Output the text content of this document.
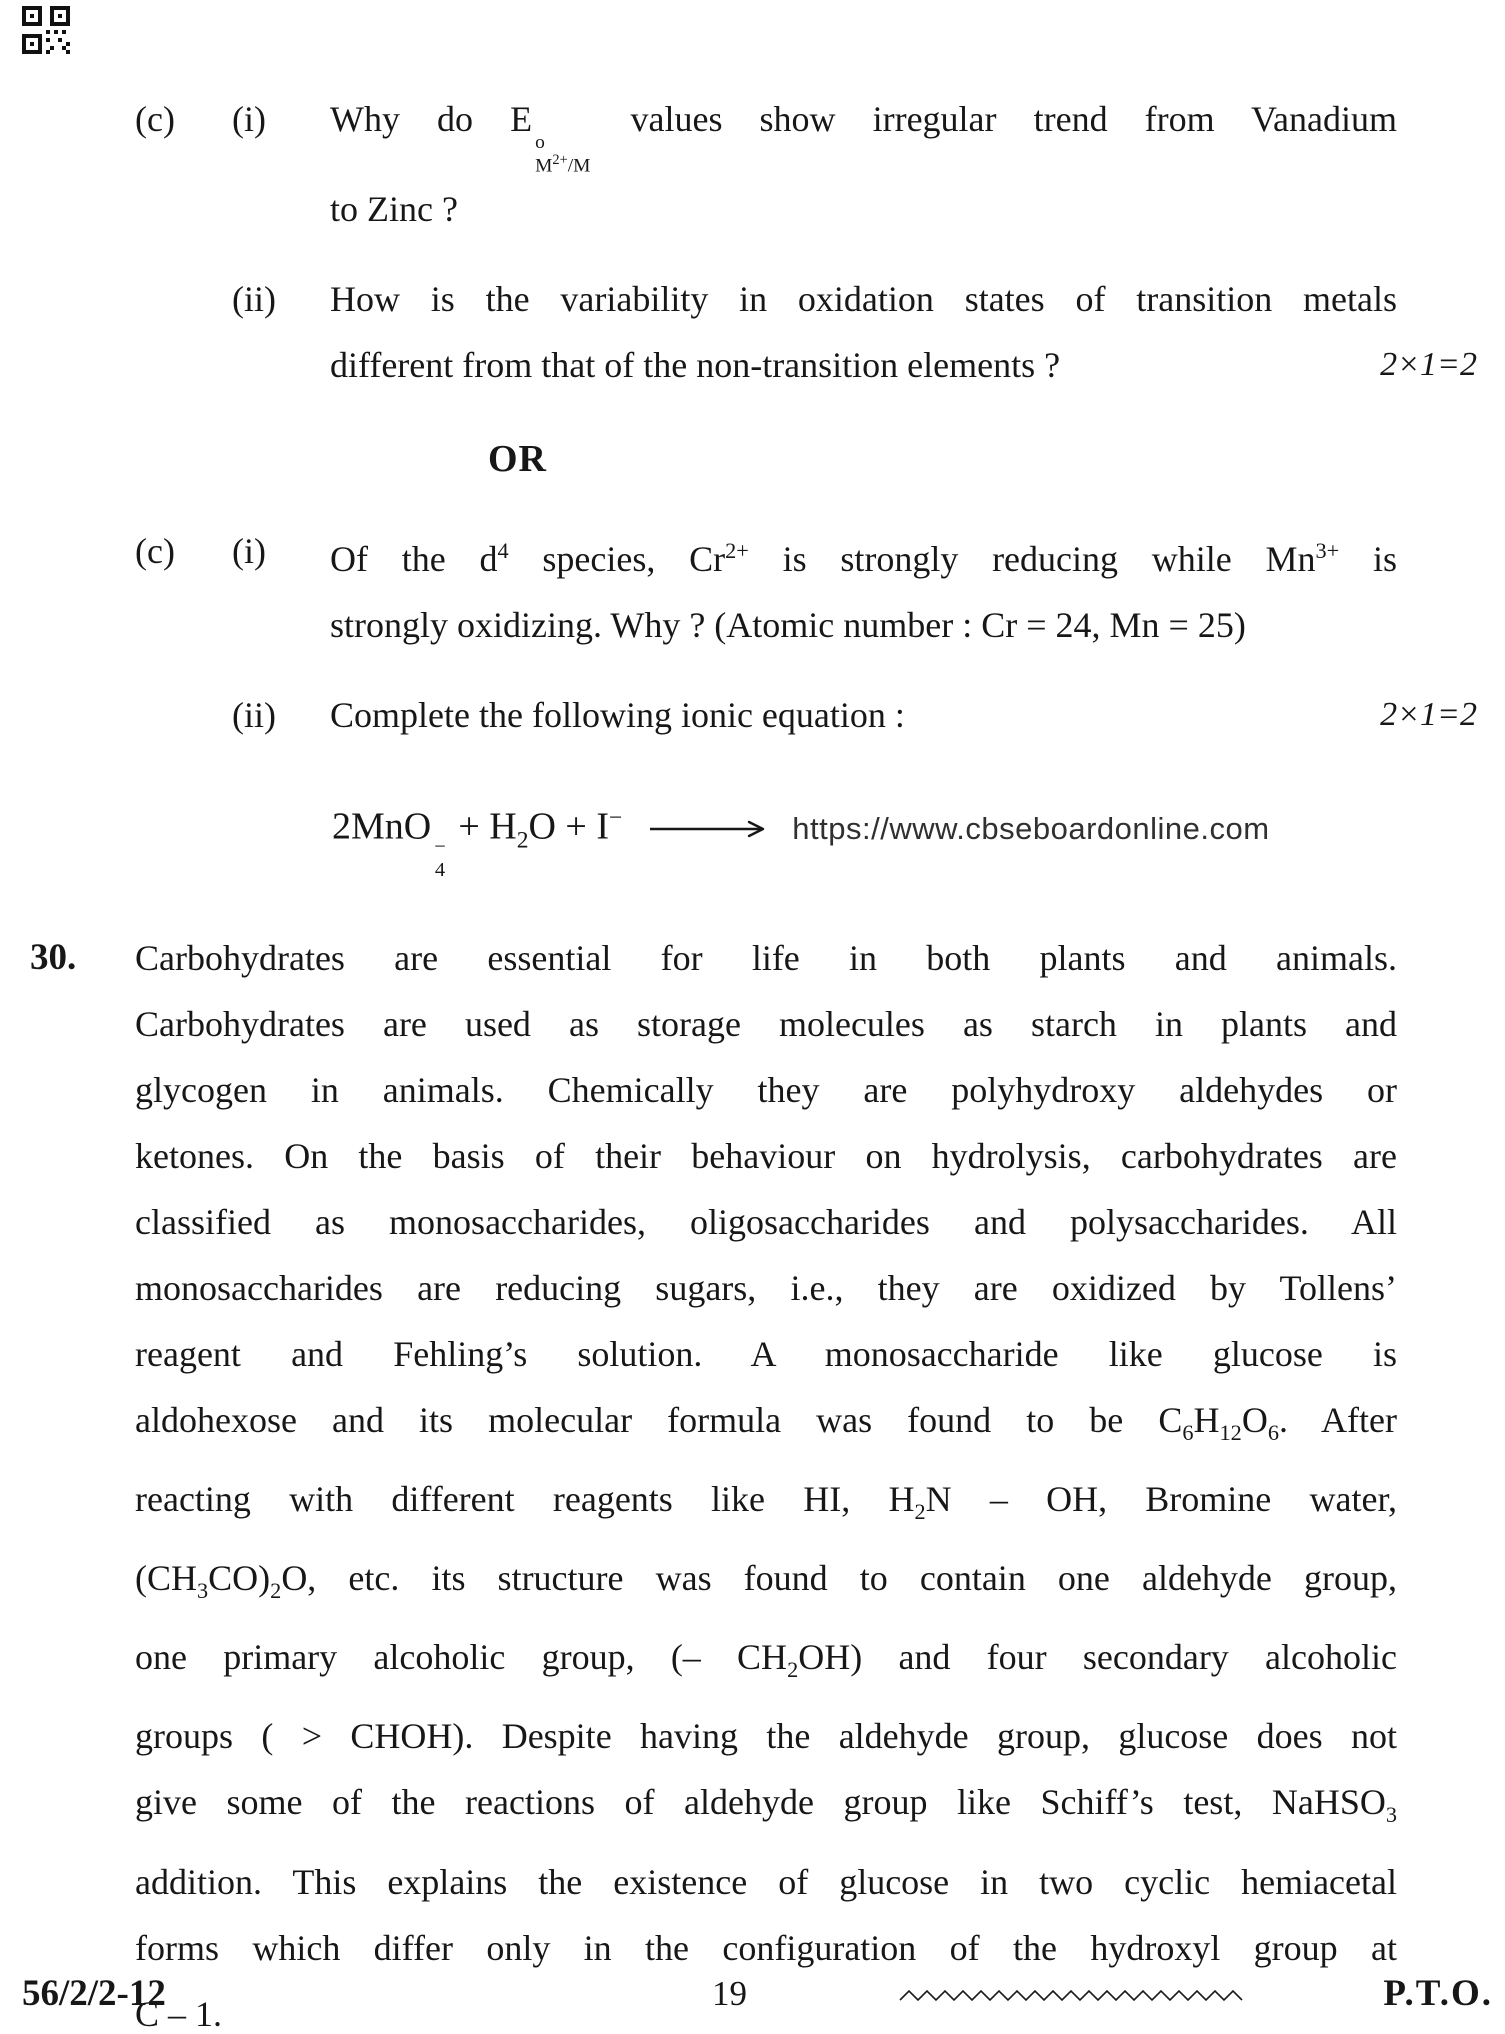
(c)	(i)	Why do E
o
$M^{2+}/M$
values show irregular trend from Vanadium
to Zinc ?
(ii)	How is the variability in oxidation states of transition metals
different from that of the non-transition elements ?	2×1=2
OR
(c)	(i)	Of the $d^4$ species, $Cr^{2+}$ is strongly reducing while $Mn^{3+}$ is
strongly oxidizing. Why ? (Atomic number : Cr = 24, Mn = 25)
(ii)	Complete the following ionic equation :	2×1=2
2MnO −
4
+ $H_2O + I^-$ → https://www.cbseboardonline.com
30.	Carbohydrates are essential for life in both plants and animals.
Carbohydrates are used as storage molecules as starch in plants and
glycogen in animals. Chemically they are polyhydroxy aldehydes or
ketones. On the basis of their behaviour on hydrolysis, carbohydrates are
classified as monosaccharides, oligosaccharides and polysaccharides. All
monosaccharides are reducing sugars, i.e., they are oxidized by Tollens’
reagent and Fehling’s solution. A monosaccharide like glucose is
aldohexose and its molecular formula was found to be $C_6H_{12}O_6$. After
reacting with different reagents like HI, $H_2N$ – OH, Bromine water,
$(CH_3CO)_2O$, etc. its structure was found to contain one aldehyde group,
one primary alcoholic group, (– $CH_2OH$) and four secondary alcoholic
groups ( > CHOH). Despite having the aldehyde group, glucose does not
give some of the reactions of aldehyde group like Schiff’s test, NaHSO$_3$
addition. This explains the existence of glucose in two cyclic hemiacetal
forms which differ only in the configuration of the hydroxyl group at

C – 1.
56/2/2-12	19	P.T.O.
